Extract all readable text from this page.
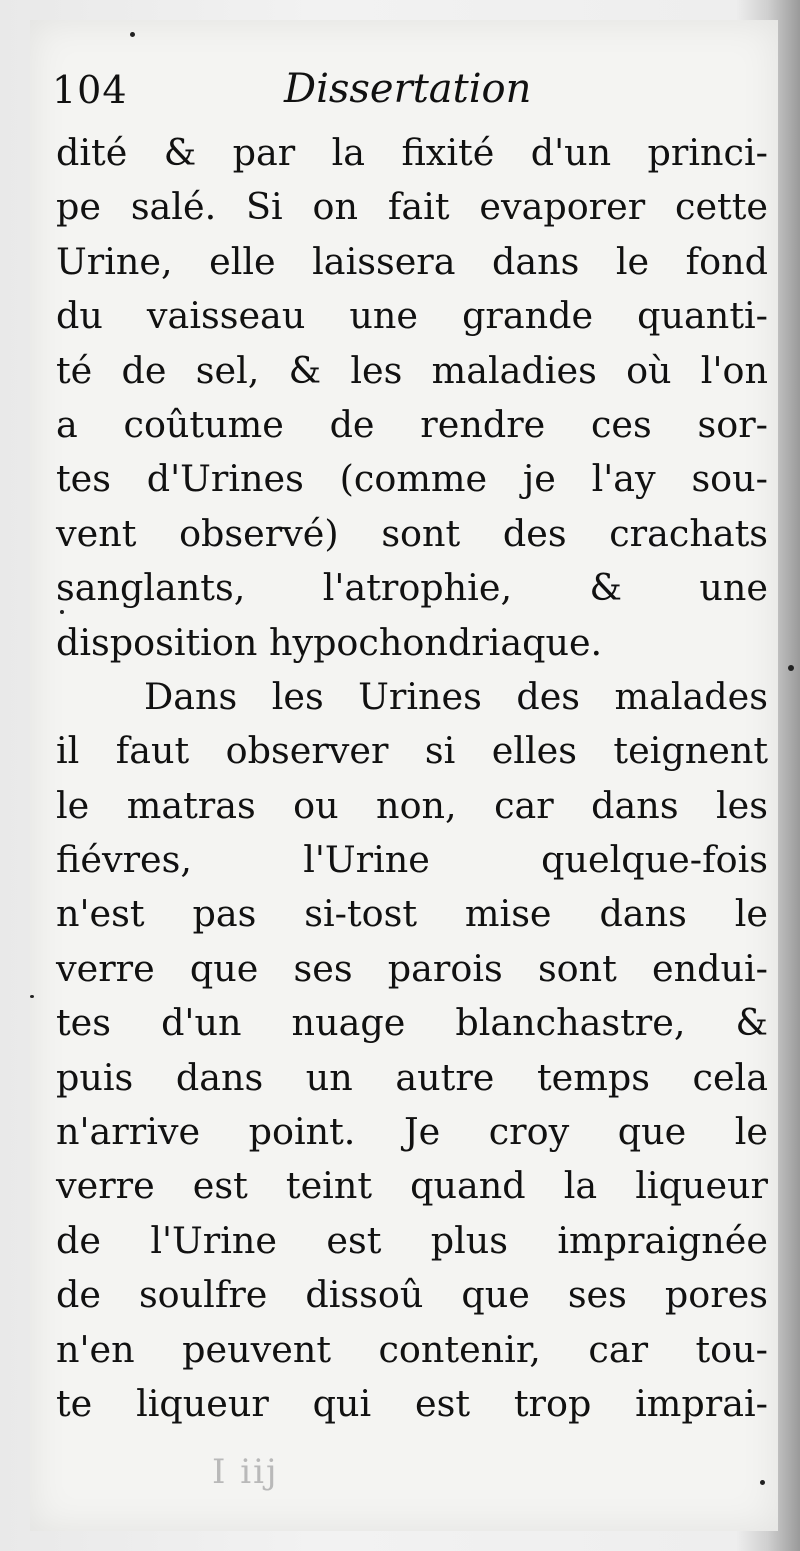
104	Dissertation
dité & par la fixité d'un princi-
pe salé. Si on fait evaporer cette
Urine, elle laissera dans le fond
du vaisseau une grande quanti-
té de sel, & les maladies où l'on
a coûtume de rendre ces sor-
tes d'Urines (comme je l'ay sou-
vent observé) sont des crachats
sanglants, l'atrophie, & une
disposition hypochondriaque.
Dans les Urines des malades
il faut observer si elles teignent
le matras ou non, car dans les
fiévres, l'Urine quelque-fois
n'est pas si-tost mise dans le
verre que ses parois sont endui-
tes d'un nuage blanchastre, &
puis dans un autre temps cela
n'arrive point. Je croy que le
verre est teint quand la liqueur
de l'Urine est plus impraignée
de soulfre dissoû que ses pores
n'en peuvent contenir, car tou-
te liqueur qui est trop imprai-
I iij
